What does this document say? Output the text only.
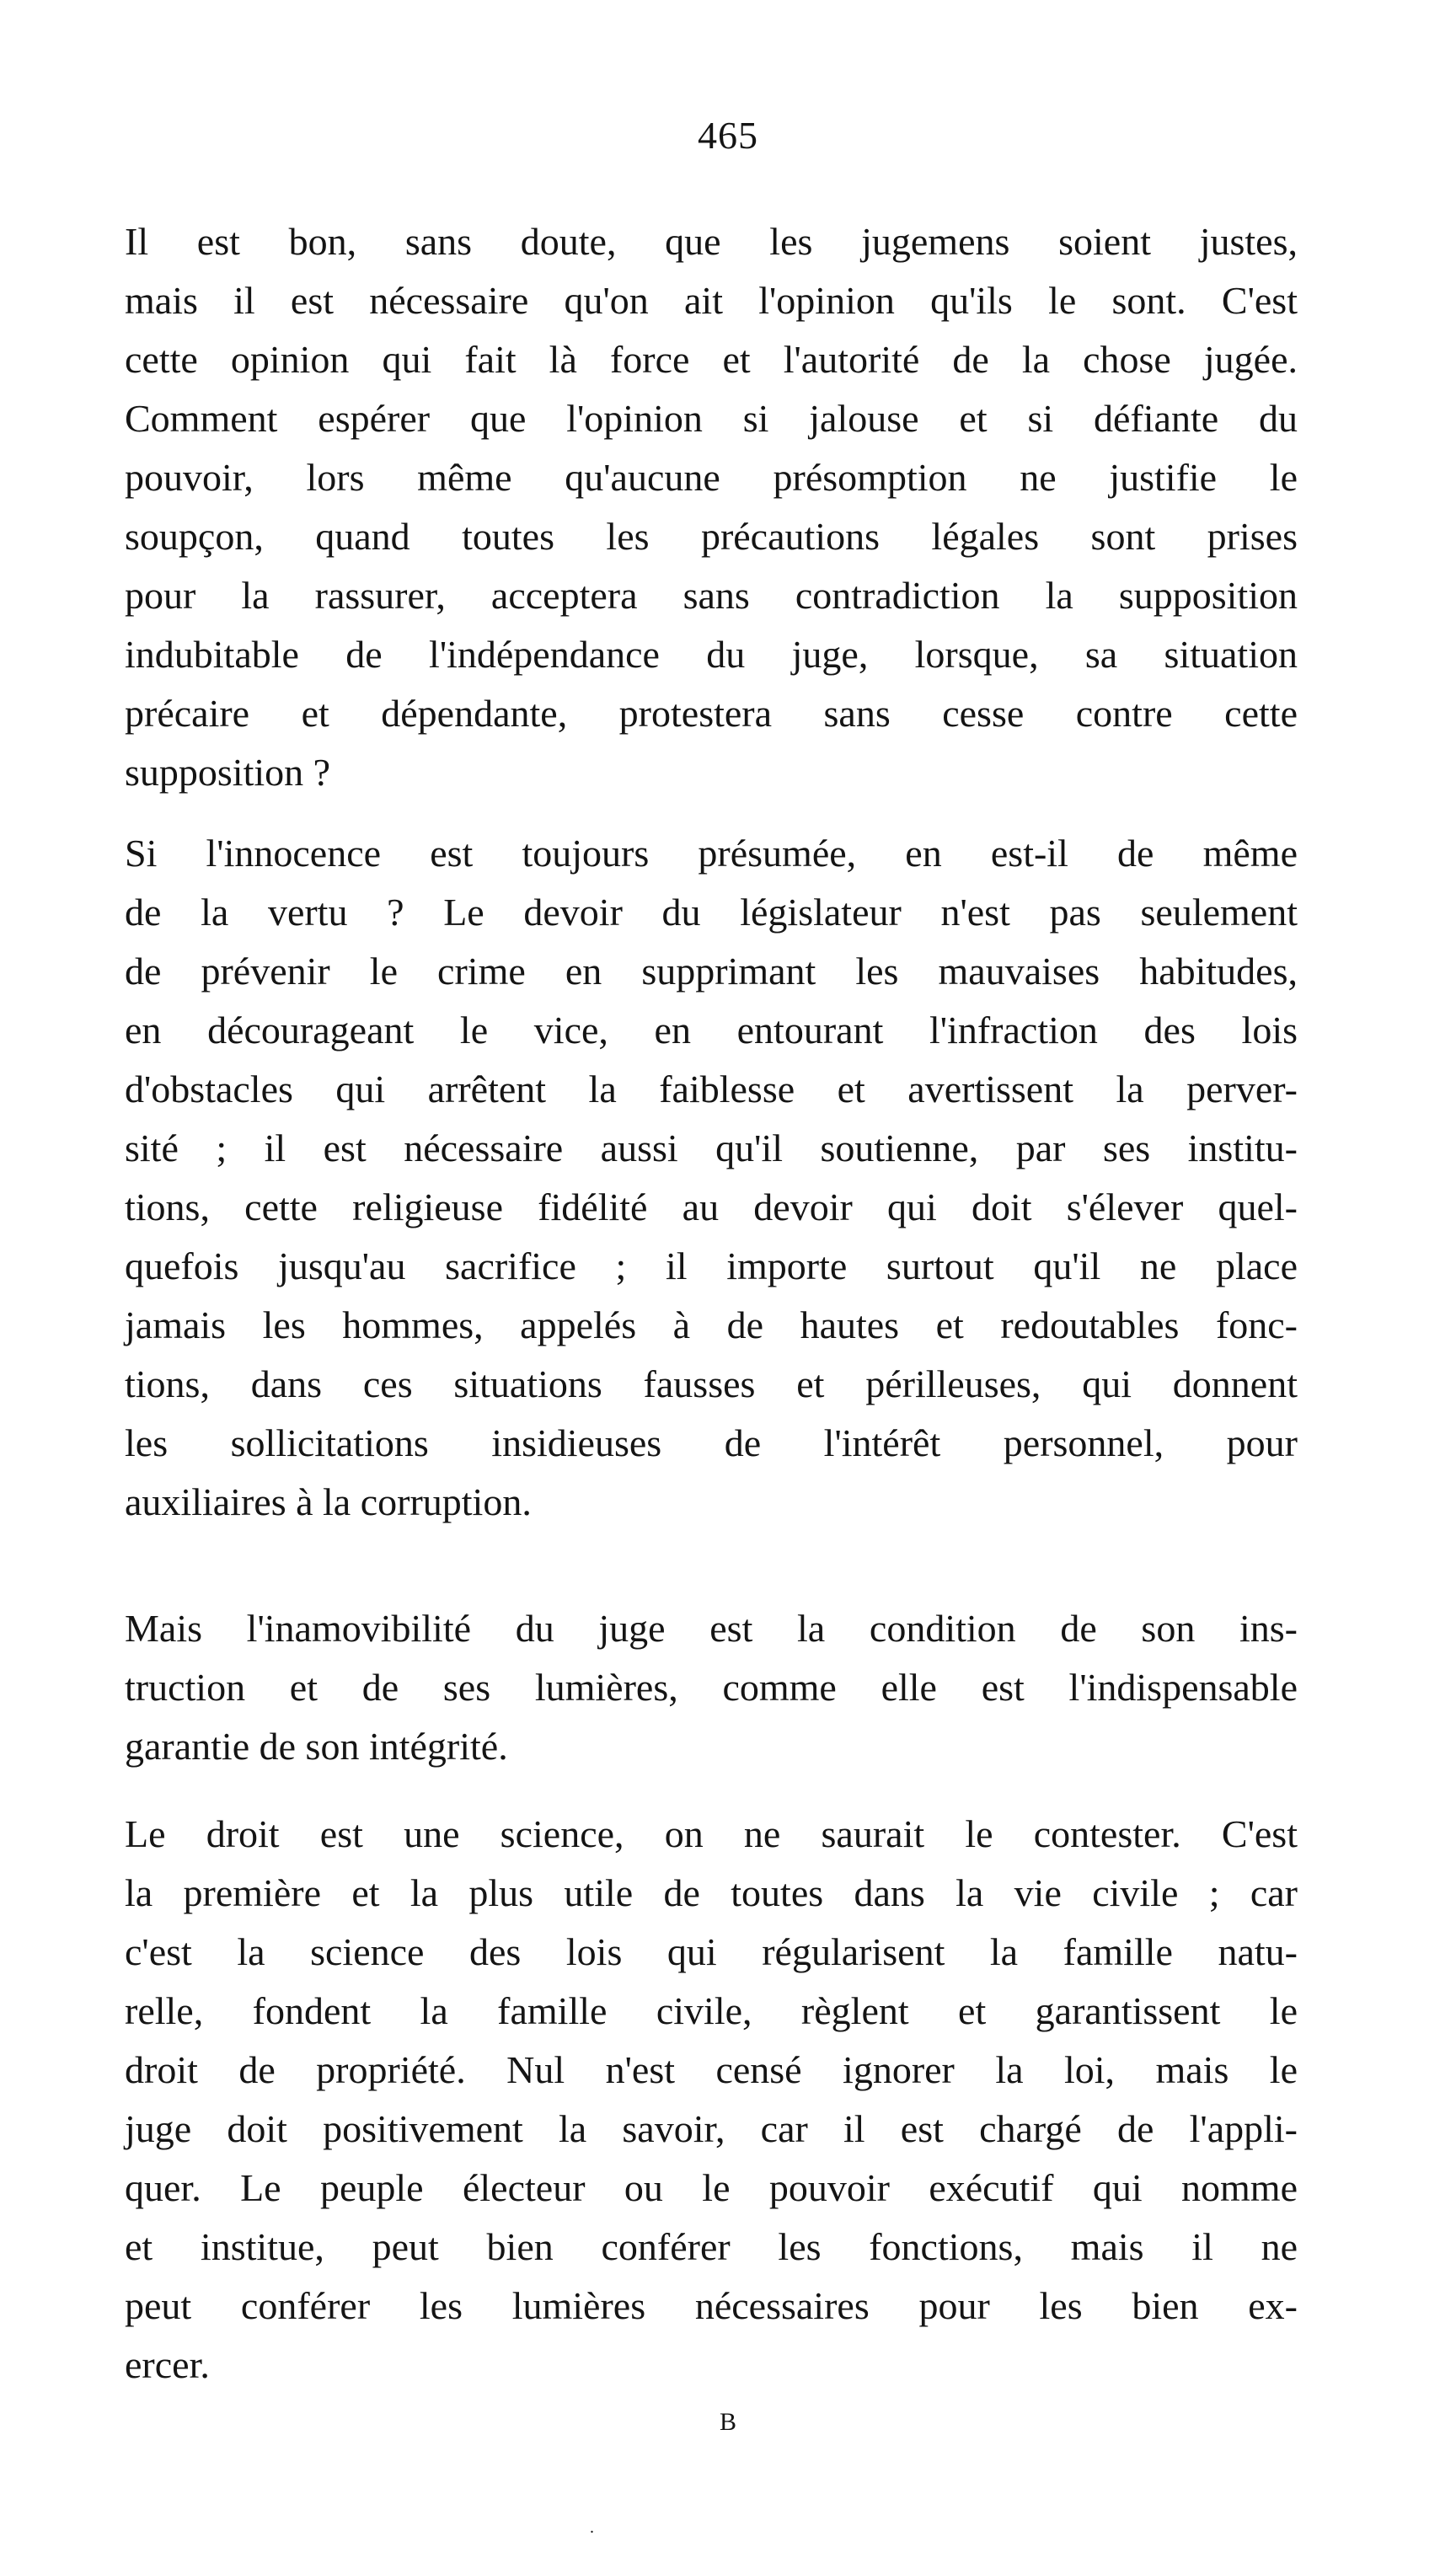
465
Il est bon, sans doute, que les jugemens soient justes,
mais il est nécessaire qu'on ait l'opinion qu'ils le sont. C'est
cette opinion qui fait là force et l'autorité de la chose jugée.
Comment espérer que l'opinion si jalouse et si défiante du
pouvoir, lors même qu'aucune présomption ne justifie le
soupçon, quand toutes les précautions légales sont prises
pour la rassurer, acceptera sans contradiction la supposition
indubitable de l'indépendance du juge, lorsque, sa situation
précaire et dépendante, protestera sans cesse contre cette
supposition ?
Si l'innocence est toujours présumée, en est-il de même
de la vertu ? Le devoir du législateur n'est pas seulement
de prévenir le crime en supprimant les mauvaises habitudes,
en décourageant le vice, en entourant l'infraction des lois
d'obstacles qui arrêtent la faiblesse et avertissent la perver-
sité ; il est nécessaire aussi qu'il soutienne, par ses institu-
tions, cette religieuse fidélité au devoir qui doit s'élever quel-
quefois jusqu'au sacrifice ; il importe surtout qu'il ne place
jamais les hommes, appelés à de hautes et redoutables fonc-
tions, dans ces situations fausses et périlleuses, qui donnent
les sollicitations insidieuses de l'intérêt personnel, pour
auxiliaires à la corruption.
Mais l'inamovibilité du juge est la condition de son ins-
truction et de ses lumières, comme elle est l'indispensable
garantie de son intégrité.
Le droit est une science, on ne saurait le contester. C'est
la première et la plus utile de toutes dans la vie civile ; car
c'est la science des lois qui régularisent la famille natu-
relle, fondent la famille civile, règlent et garantissent le
droit de propriété. Nul n'est censé ignorer la loi, mais le
juge doit positivement la savoir, car il est chargé de l'appli-
quer. Le peuple électeur ou le pouvoir exécutif qui nomme
et institue, peut bien conférer les fonctions, mais il ne
peut conférer les lumières nécessaires pour les bien ex-
ercer.
B
.
